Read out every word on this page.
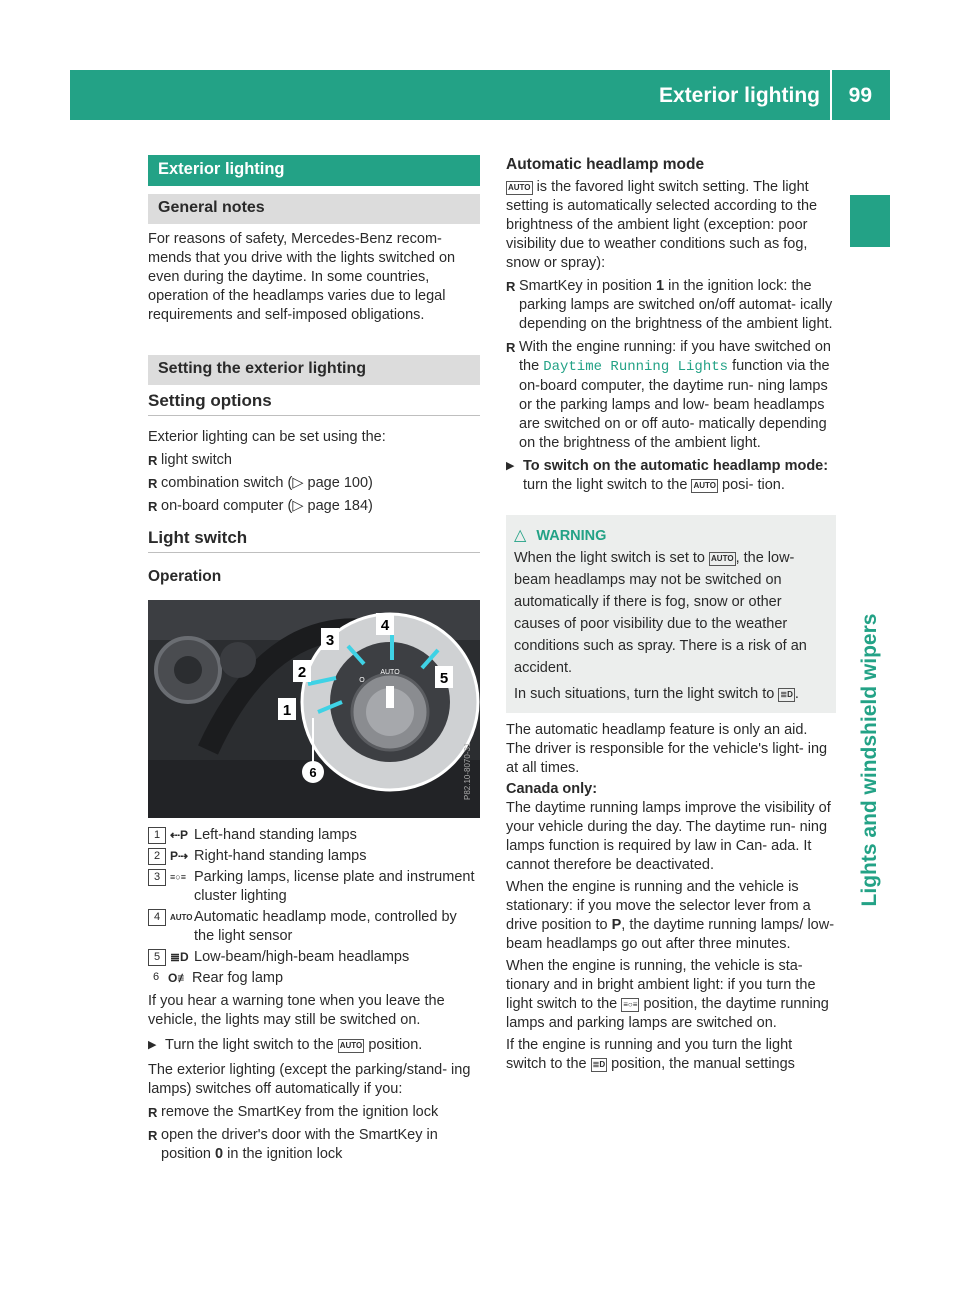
Exterior lighting 99
Lights and windshield wipers
Exterior lighting
General notes

For reasons of safety, Mercedes-Benz recom- mends that you drive with the lights switched on even during the daytime. In some countries, operation of the headlamps varies due to legal requirements and self-imposed obligations.

Setting the exterior lighting
Setting options

Exterior lighting can be set using the:

R light switch

R combination switch (▷ page 100)

R on-board computer (▷ page 184)

Light switch
Operation
AUTO
O
1
2
3
4
5
6	P82.10-8070-31
1 ⇠P Left-hand standing lamps
2 P⇢ Right-hand standing lamps
3	≡○≡ Parking lamps, license plate and instrument cluster lighting
4	AUTO Automatic headlamp mode, controlled by the light sensor
5 ≣D Low-beam/high-beam headlamps
6 O≢ Rear fog lamp

If you hear a warning tone when you leave the vehicle, the lights may still be switched on.

▶ Turn the light switch to the AUTO position.

The exterior lighting (except the parking/stand- ing lamps) switches off automatically if you:

R remove the SmartKey from the ignition lock

R open the driver's door with the SmartKey in position 0 in the ignition lock

Automatic headlamp mode

AUTO is the favored light switch setting. The light setting is automatically selected according to the brightness of the ambient light (exception: poor visibility due to weather conditions such as fog, snow or spray):

R SmartKey in position 1 in the ignition lock: the parking lamps are switched on/off automat- ically depending on the brightness of the ambient light.

R With the engine running: if you have switched on the Daytime Running Lights function via the on-board computer, the daytime run- ning lamps or the parking lamps and low- beam headlamps are switched on or off auto- matically depending on the brightness of the ambient light.

▶ To switch on the automatic headlamp mode: turn the light switch to the AUTO posi- tion.

△ WARNING

When the light switch is set to AUTO , the low- beam headlamps may not be switched on automatically if there is fog, snow or other causes of poor visibility due to the weather conditions such as spray. There is a risk of an accident.

In such situations, turn the light switch to ≣D .

The automatic headlamp feature is only an aid. The driver is responsible for the vehicle's light- ing at all times.

Canada only:

The daytime running lamps improve the visibility of your vehicle during the day. The daytime run- ning lamps function is required by law in Can- ada. It cannot therefore be deactivated.

When the engine is running and the vehicle is stationary: if you move the selector lever from a drive position to P, the daytime running lamps/ low-beam headlamps go out after three minutes.

When the engine is running, the vehicle is sta- tionary and in bright ambient light: if you turn the light switch to the ≡○≡ position, the daytime running lamps and parking lamps are switched on.

If the engine is running and you turn the light switch to the ≣D position, the manual settings
